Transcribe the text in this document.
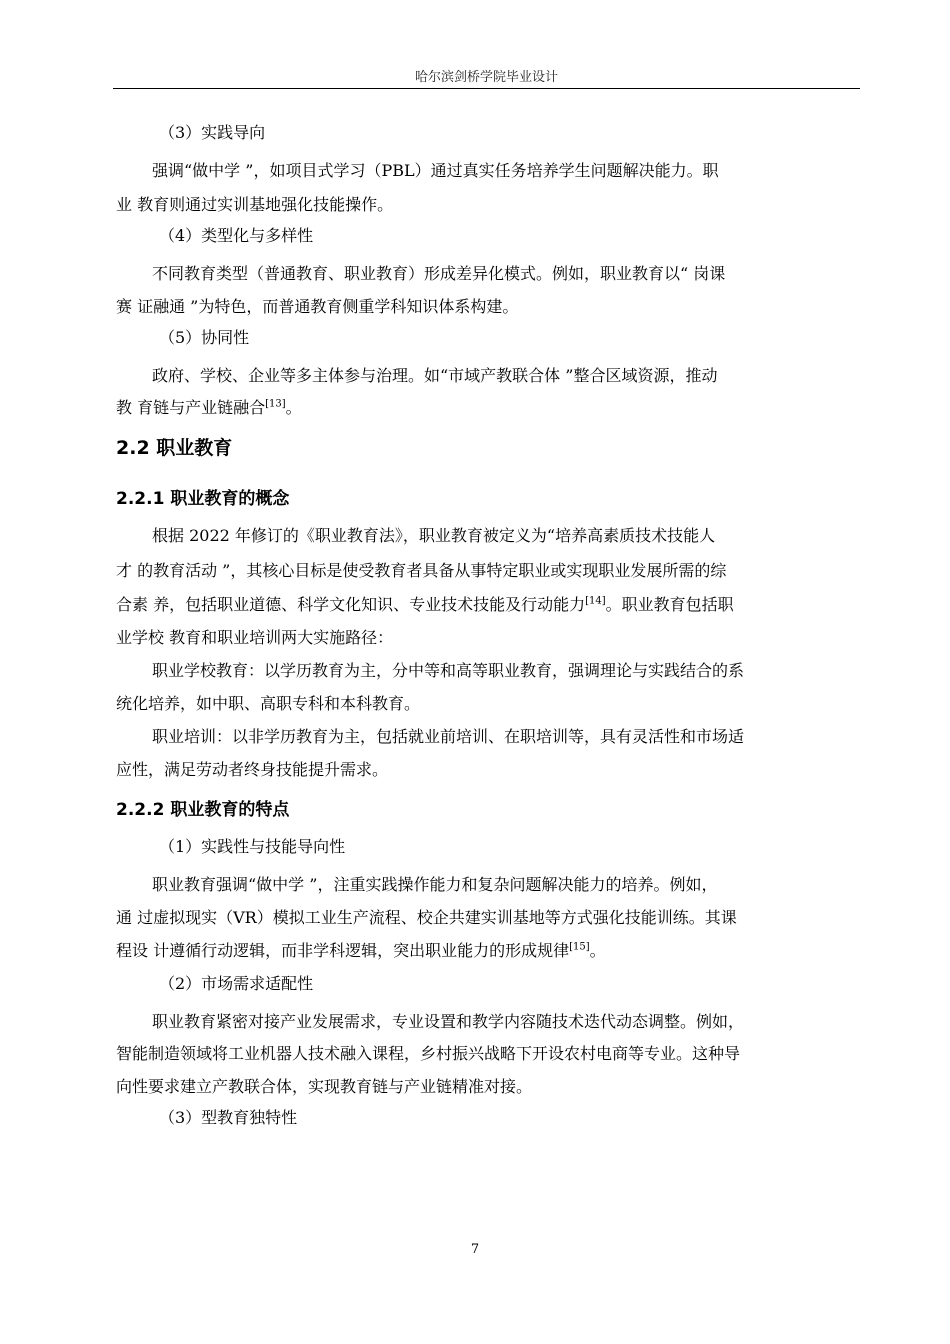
哈尔滨剑桥学院毕业设计
（3）实践导向
强调“做中学 ”，如项目式学习（PBL）通过真实任务培养学生问题解决能力。职
业 教育则通过实训基地强化技能操作。
（4）类型化与多样性
不同教育类型（普通教育、职业教育）形成差异化模式。例如，职业教育以“ 岗课
赛 证融通 ”为特色，而普通教育侧重学科知识体系构建。
（5）协同性
政府、学校、企业等多主体参与治理。如“市域产教联合体 ”整合区域资源，推动
教 育链与产业链融合[13]。
2.2 职业教育
2.2.1 职业教育的概念
根据 2022 年修订的《职业教育法》，职业教育被定义为“培养高素质技术技能人
才 的教育活动 ”，其核心目标是使受教育者具备从事特定职业或实现职业发展所需的综
合素 养，包括职业道德、科学文化知识、专业技术技能及行动能力[14]。职业教育包括职
业学校 教育和职业培训两大实施路径：
职业学校教育：以学历教育为主，分中等和高等职业教育，强调理论与实践结合的系
统化培养，如中职、高职专科和本科教育。
职业培训：以非学历教育为主，包括就业前培训、在职培训等，具有灵活性和市场适
应性，满足劳动者终身技能提升需求。
2.2.2 职业教育的特点
（1）实践性与技能导向性
职业教育强调“做中学 ”，注重实践操作能力和复杂问题解决能力的培养。例如，
通 过虚拟现实（VR）模拟工业生产流程、校企共建实训基地等方式强化技能训练。其课
程设 计遵循行动逻辑，而非学科逻辑，突出职业能力的形成规律[15]。
（2）市场需求适配性
职业教育紧密对接产业发展需求，专业设置和教学内容随技术迭代动态调整。例如，
智能制造领域将工业机器人技术融入课程，乡村振兴战略下开设农村电商等专业。这种导
向性要求建立产教联合体，实现教育链与产业链精准对接。
（3）型教育独特性
7
